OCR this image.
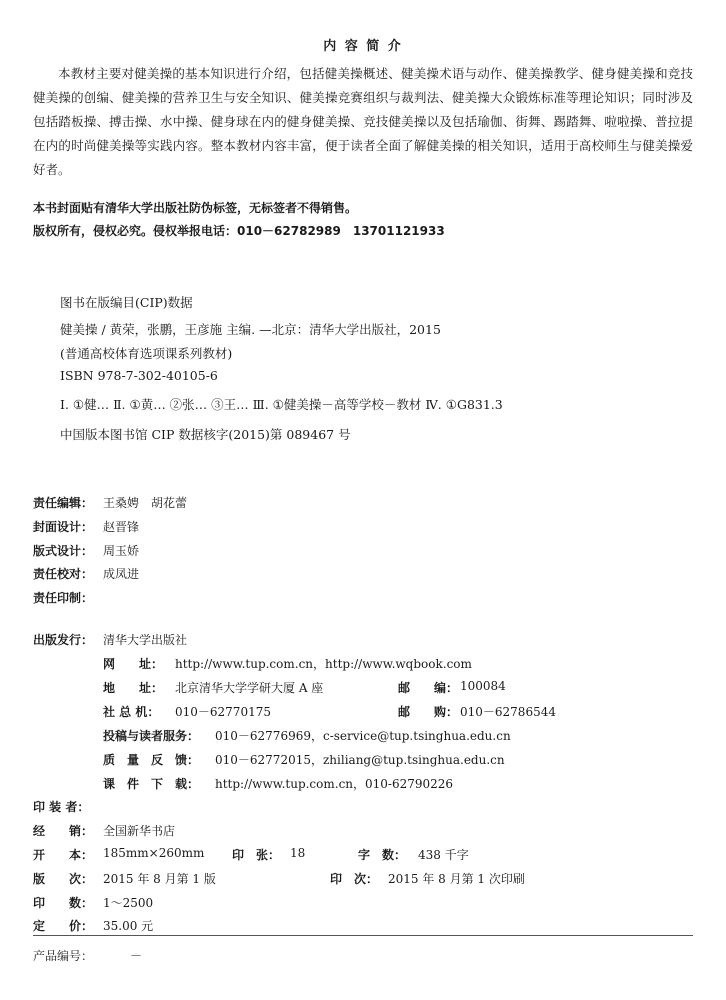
内 容 简 介
本教材主要对健美操的基本知识进行介绍，包括健美操概述、健美操术语与动作、健美操教学、健身健美操和竞技健美操的创编、健美操的营养卫生与安全知识、健美操竞赛组织与裁判法、健美操大众锻炼标准等理论知识；同时涉及包括踏板操、搏击操、水中操、健身球在内的健身健美操、竞技健美操以及包括瑜伽、街舞、踢踏舞、啦啦操、普拉提在内的时尚健美操等实践内容。整本教材内容丰富，便于读者全面了解健美操的相关知识，适用于高校师生与健美操爱好者。
本书封面贴有清华大学出版社防伪标签，无标签者不得销售。
版权所有，侵权必究。侵权举报电话：010－62782989　13701121933
图书在版编目(CIP)数据
健美操 / 黄荣，张鹏，王彦施 主编. —北京：清华大学出版社，2015
(普通高校体育选项课系列教材)
ISBN 978-7-302-40105-6
Ⅰ. ①健… Ⅱ. ①黄… ②张… ③王… Ⅲ. ①健美操－高等学校－教材 Ⅳ. ①G831.3
中国版本图书馆 CIP 数据核字(2015)第 089467 号
责任编辑： 王桑娉　胡花蕾
封面设计： 赵晋锋
版式设计： 周玉娇
责任校对： 成凤进
责任印制：
出版发行： 清华大学出版社
网　　址： http://www.tup.com.cn，http://www.wqbook.com
地　　址： 北京清华大学学研大厦 A 座	邮　　编： 100084
社 总 机： 010－62770175	邮　　购： 010－62786544
投稿与读者服务： 010－62776969，c-service@tup.tsinghua.edu.cn
质　量　反　馈： 010－62772015，zhiliang@tup.tsinghua.edu.cn
课　件　下　载： http://www.tup.com.cn，010-62790226
印 装 者：
经　　销： 全国新华书店
开　　本： 185mm×260mm 印　张： 18	字　数： 438 千字
版　　次： 2015 年 8 月第 1 版	印　次： 2015 年 8 月第 1 次印刷
印　　数： 1～2500
定　　价： 35.00 元
产品编号：	－
